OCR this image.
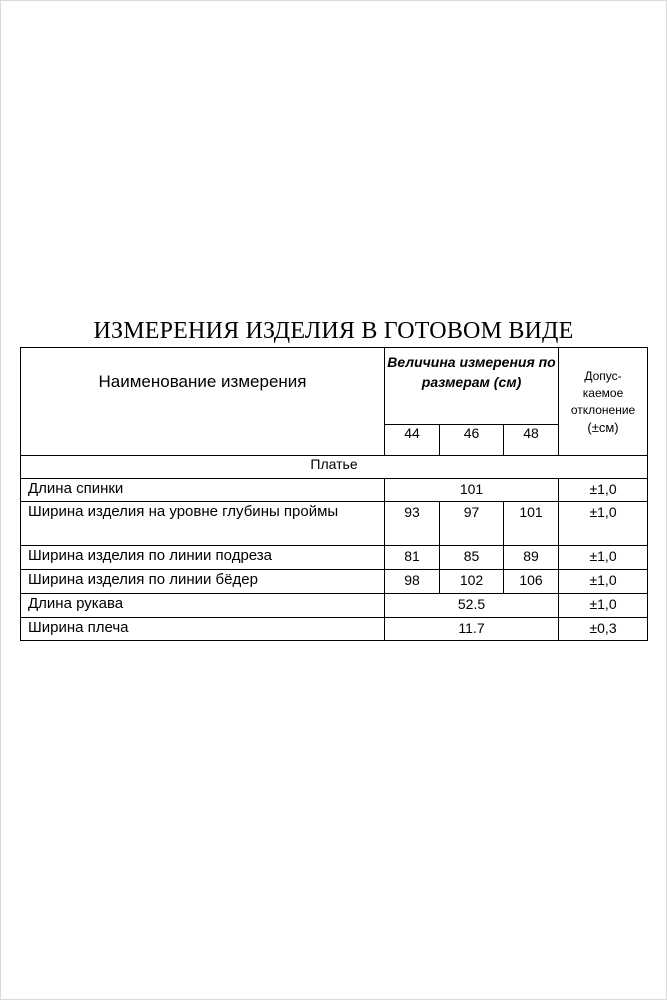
ИЗМЕРЕНИЯ ИЗДЕЛИЯ В ГОТОВОМ ВИДЕ
Наименование измерения	Величина измерения по размерам (см)			Допус-
каемое
отклонение
(±см)

	44	46	48	
Платье				
Длина спинки	101			±1,0
Ширина изделия на уровне глубины проймы	93	97	101	±1,0
Ширина изделия по линии подреза	81	85	89	±1,0
Ширина изделия по линии бёдер	98	102	106	±1,0
Длина рукава	52.5			±1,0
Ширина плеча	11.7			±0,3
